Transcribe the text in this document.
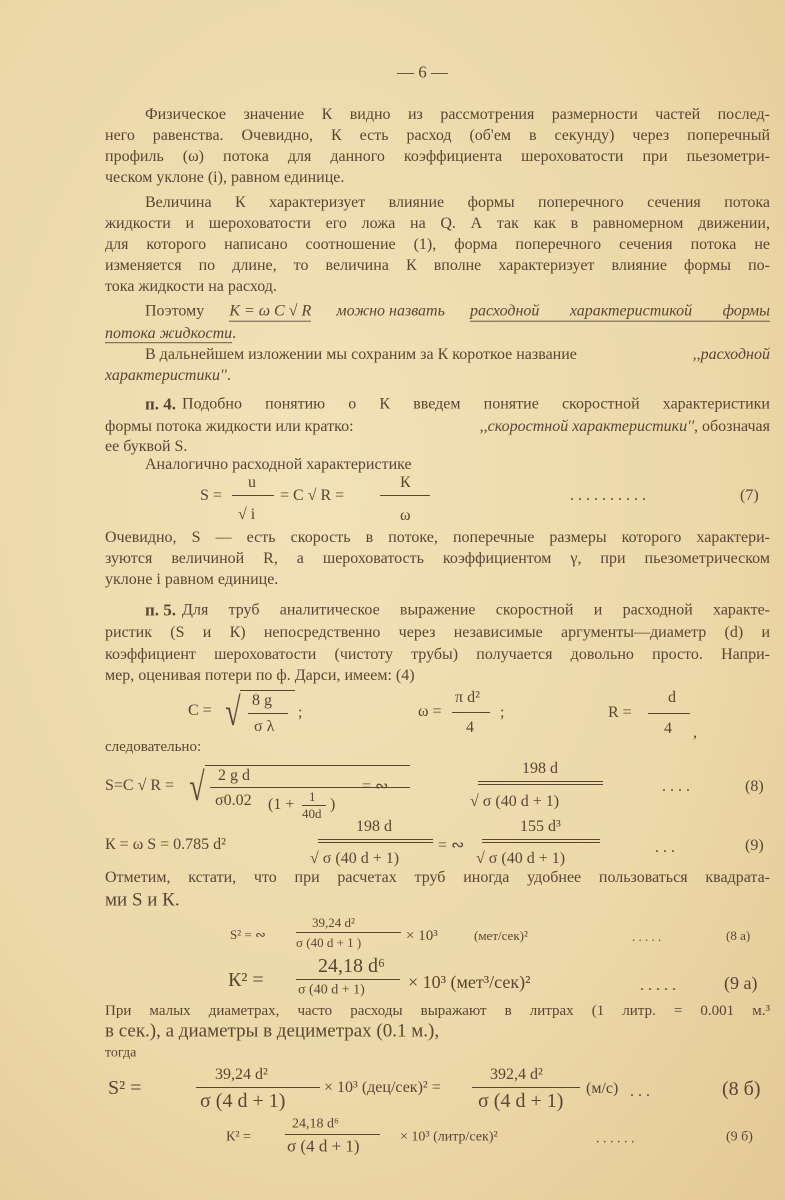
— 6 —
Физическое значение К видно из рассмотрения размерности частей послед-
него равенства. Очевидно, К есть расход (об'ем в секунду) через поперечный
профиль (ω) потока для данного коэффициента шероховатости при пьезометри-
ческом уклоне (i), равном единице.
Величина К характеризует влияние формы поперечного сечения потока
жидкости и шероховатости его ложа на Q. А так как в равномерном движении,
для которого написано соотношение (1), форма поперечного сечения потока не
изменяется по длине, то величина К вполне характеризует влияние формы по-
тока жидкости на расход.
Поэтому К = ω C √ R можно назвать расходной характеристикой формы
потока жидкости.
В дальнейшем изложении мы сохраним за К короткое название	,,расходной
характеристики''.
п. 4. Подобно понятию о К введем понятие скоростной характеристики
формы потока жидкости или кратко:	,,скоростной характеристики'', обозначая
ее буквой S.
Аналогично расходной характеристике
S =
u
√ i
= C √ R =
К
ω
. . . . . . . . . .	(7)
Очевидно, S — есть скорость в потоке, поперечные размеры которого характери-
зуются величиной R, а шероховатость коэффициентом γ, при пьезометрическом
уклоне i равном единице.
п. 5. Для труб аналитическое выражение скоростной и расходной характе-
ристик (S и К) непосредственно через независимые аргументы—диаметр (d) и
коэффициент шероховатости (чистоту трубы) получается довольно просто. Напри-
мер, оценивая потери по ф. Дарси, имеем: (4)
C = √ 8 g
σ λ
;	ω =
π d²
4
;	R =
d
4 ,
следовательно:
S=C √ R = √ 2 g d
σ0.02 (1 + 1
40d
)
= ∾
198 d
√ σ (40 d + 1)
. . . .	(8)
К = ω S = 0.785 d²
198 d
√ σ (40 d + 1)
= ∾
155 d³
√ σ (40 d + 1)
. . .	(9)
Отметим, кстати, что при расчетах труб иногда удобнее пользоваться квадрата-
ми S и К.
S² = ∾
39,24 d²
σ (40 d + 1 )	× 10³	(мет/сек)²	. . . . .	(8 а)
К² =
24,18 d⁶
σ (40 d + 1) × 10³ (мет³/сек)²	. . . . .	(9 а)
При малых диаметрах, часто расходы выражают в литрах (1 литр. = 0.001 м.³
в сек.), а диаметры в дециметрах (0.1 м.),
тогда
S² =
39,24 d²
σ (4 d + 1)
× 10³ (дец/сек)² =
392,4 d²
σ (4 d + 1)
(м/с) . . .	(8 б)
К² =
24,18 d⁶
σ (4 d + 1)	× 10³ (литр/сек)²	. . . . . .	(9 б)
